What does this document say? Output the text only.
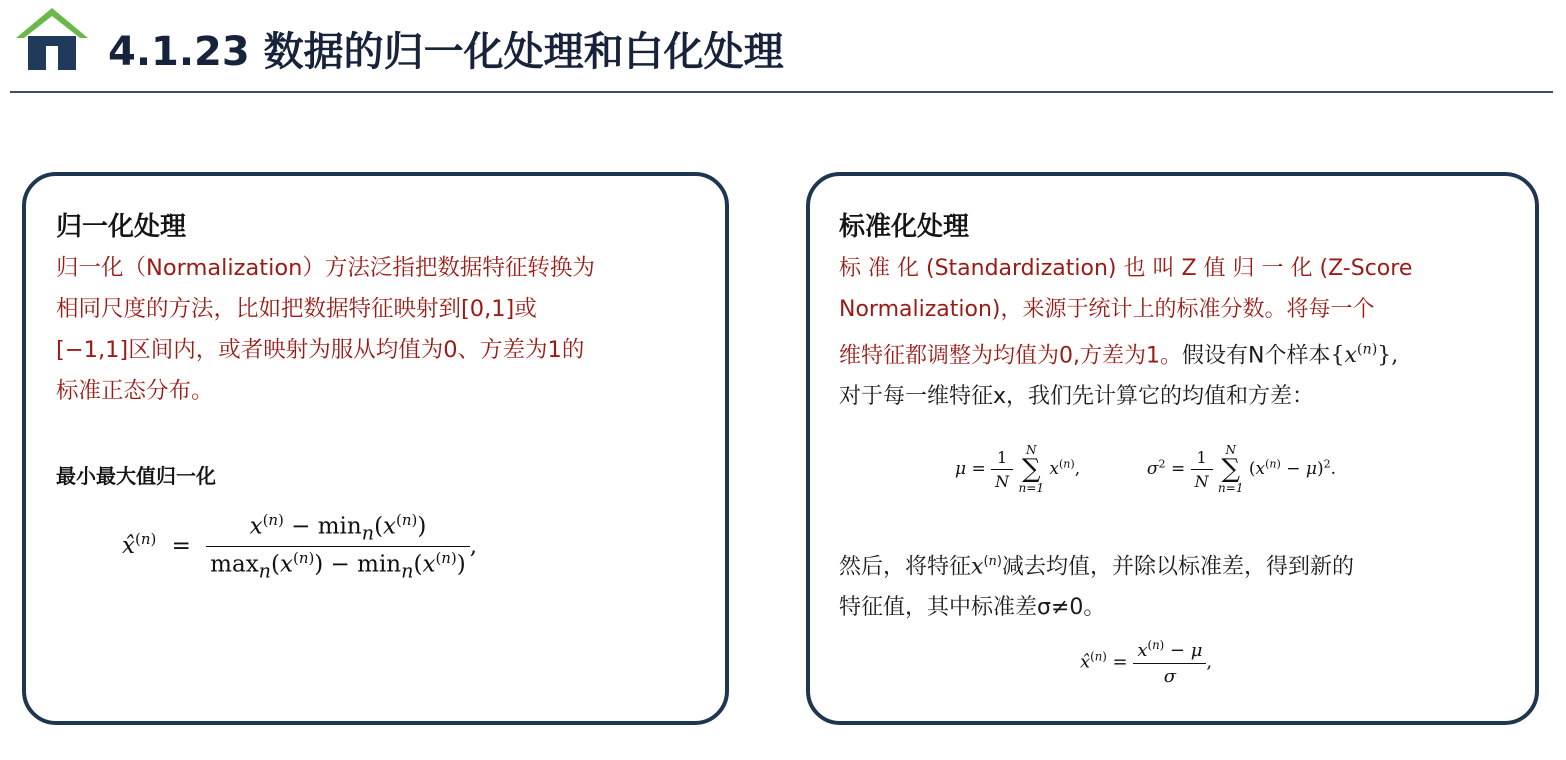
4.1.23 数据的归一化处理和白化处理
归一化处理

归一化（Normalization）方法泛指把数据特征转换为

相同尺度的方法，比如把数据特征映射到[0,1]或

[−1,1]区间内，或者映射为服从均值为0、方差为1的

标准正态分布。

最小最大值归一化
x̂$^{(n)}$ = $\frac{x^{(n)} - \min_n(x^{(n)})}{\max_n(x^{(n)}) - \min_n(x^{(n)})}$ ,
标准化处理

标 准 化 (Standardization) 也 叫 Z 值 归 一 化 (Z-Score

Normalization)，来源于统计上的标准分数。将每一个

维特征都调整为均值为0,方差为1。假设有N个样本$\{x^{(n)}\}$,

对于每一维特征x，我们先计算它的均值和方差：

$\mu = \frac{1}{N}$
	N
∑
n=1
$x^{(n)}$,	$\sigma^2 = \frac{1}{N}$
	N
∑
n=1
$(x^{(n)} - \mu)^2$.

然后，将特征$x^{(n)}$减去均值，并除以标准差，得到新的

特征值，其中标准差σ≠0。

x̂$^{(n)}$ = $\frac{x^{(n)} - \mu}{\sigma}$ ,
